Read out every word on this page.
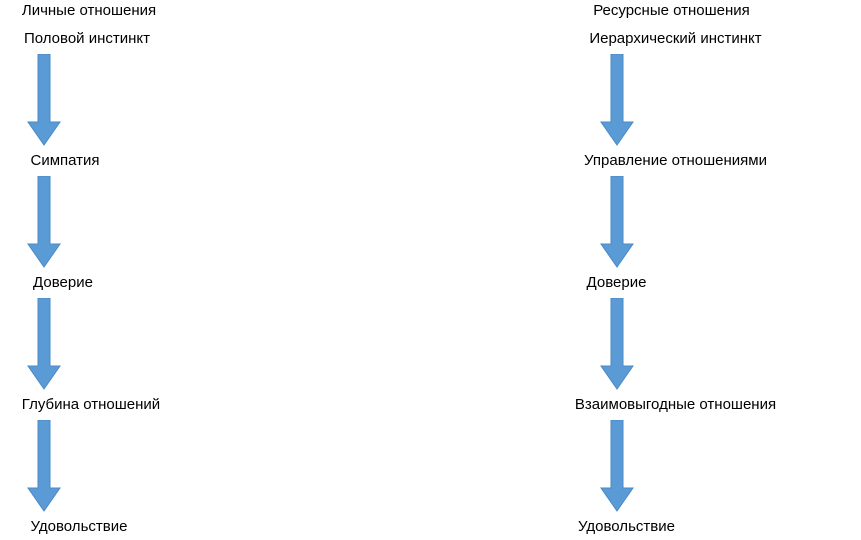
Личные отношения
Половой инстинкт
Симпатия
Доверие
Глубина отношений
Удовольствие
Ресурсные отношения
Иерархический инстинкт
Управление отношениями
Доверие
Взаимовыгодные отношения
Удовольствие
